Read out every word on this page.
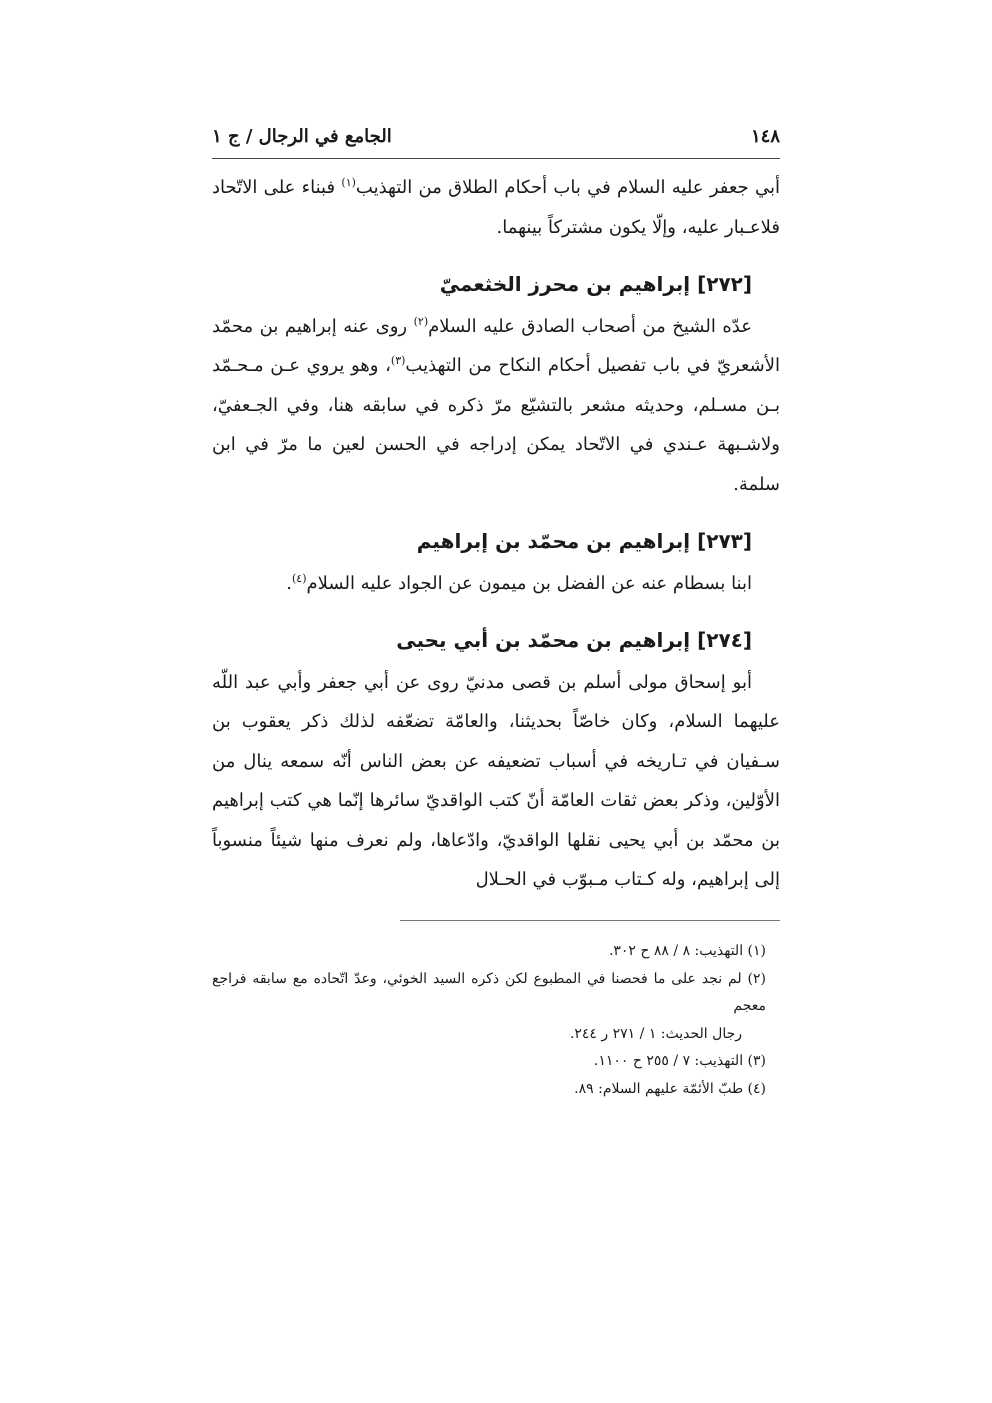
١٤٨
الجامع في الرجال / ج ١

أبي جعفر عليه السلام في باب أحكام الطلاق من التهذيب$^{(١)}$ فبناء على الاتّحاد فلاعـبار عليه، وإلّا يكون مشتركاً بينهما.

[٢٧٢] إبراهيم بن محرز الخثعميّ

عدّه الشيخ من أصحاب الصادق عليه السلام$^{(٢)}$ روى عنه إبراهيم بن محمّد الأشعريّ في باب تفصيل أحكام النكاح من التهذيب$^{(٣)}$، وهو يروي عـن مـحـمّد بـن مسـلم، وحديثه مشعر بالتشيّع مرّ ذكره في سابقه هنا، وفي الجـعفيّ، ولاشـبهة عـندي في الاتّحاد يمكن إدراجه في الحسن لعين ما مرّ في ابن سلمة.

[٢٧٣] إبراهيم بن محمّد بن إبراهيم

ابنا بسطام عنه عن الفضل بن ميمون عن الجواد عليه السلام$^{(٤)}$.

[٢٧٤] إبراهيم بن محمّد بن أبي يحيى

أبو إسحاق مولى أسلم بن قصى مدنيّ روى عن أبي جعفر وأبي عبد اللّه عليهما السلام، وكان خاصّاً بحديثنا، والعامّة تضعّفه لذلك ذكر يعقوب بن سـفيان في تـاريخه في أسباب تضعيفه عن بعض الناس أنّه سمعه ينال من الأوّلين، وذكر بعض ثقات العامّة أنّ كتب الواقديّ سائرها إنّما هي كتب إبراهيم بن محمّد بن أبي يحيى نقلها الواقديّ، وادّعاها، ولم نعرف منها شيئاً منسوباً إلى إبراهيم، وله كـتاب مـبوّب في الحـلال

(١) التهذيب: ٨ / ٨٨ ح ٣٠٢.

(٢) لم نجد على ما فحصنا في المطبوع لكن ذكره السيد الخوئي، وعدّ اتّحاده مع سابقه فراجع معجم
رجال الحديث: ١ / ٢٧١ ر ٢٤٤.

(٣) التهذيب: ٧ / ٢٥٥ ح ١١٠٠.

(٤) طبّ الأئمّة عليهم السلام: ٨٩.
